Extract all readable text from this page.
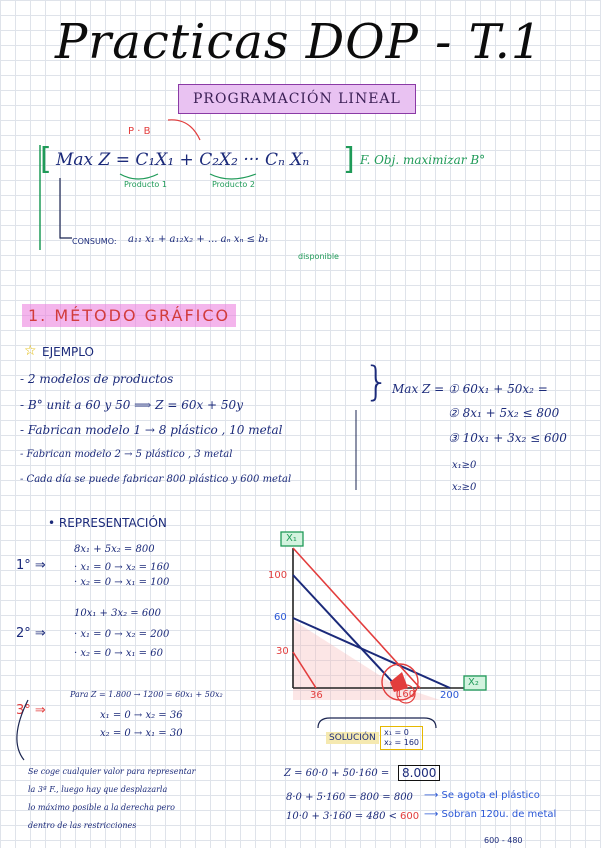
Practicas DOP - T.1
PROGRAMACIÓN LINEAL
P · B
[ Max Z = C₁X₁ + C₂X₂ ··· Cₙ Xₙ ]
Producto 1	Producto 2
F. Obj. maximizar B°
CONSUMO: a₁₁ x₁ + a₁₂x₂ + ... aₙ xₙ ≤ b₁
disponible
1. MÉTODO GRÁFICO
☆ EJEMPLO
- 2 modelos de productos
- B° unit a 60 y 50 ⟹ Z = 60x + 50y
- Fabrican modelo 1 → 8 plástico , 10 metal
- Fabrican modelo 2 → 5 plástico , 3 metal
- Cada día se puede fabricar 800 plástico y 600 metal
} Max Z = ① 60x₁ + 50x₂ =
② 8x₁ + 5x₂ ≤ 800
③ 10x₁ + 3x₂ ≤ 600
x₁≥0
x₂≥0
• REPRESENTACIÓN
1° ⇒
8x₁ + 5x₂ = 800
· x₁ = 0 → x₂ = 160
· x₂ = 0 → x₁ = 100
2° ⇒
10x₁ + 3x₂ = 600
· x₁ = 0 → x₂ = 200
· x₂ = 0 → x₁ = 60
3° ⇒
Para Z = 1.800 → 1200 = 60x₁ + 50x₂
x₁ = 0 → x₂ = 36
x₂ = 0 → x₁ = 30
Se coge cualquier valor para representar
la 3ª F., luego hay que desplazarla
lo máximo posible a la derecha pero
dentro de las restricciones
X₁
X₂
100
60
30
36	160 200
SOLUCIÓN
x₁ = 0
x₂ = 160
Z = 60·0 + 50·160 =	8.000
8·0 + 5·160 = 800 = 800 ⟶ Se agota el plástico
10·0 + 3·160 = 480 < 600 ⟶ Sobran 120u. de metal
600 - 480
